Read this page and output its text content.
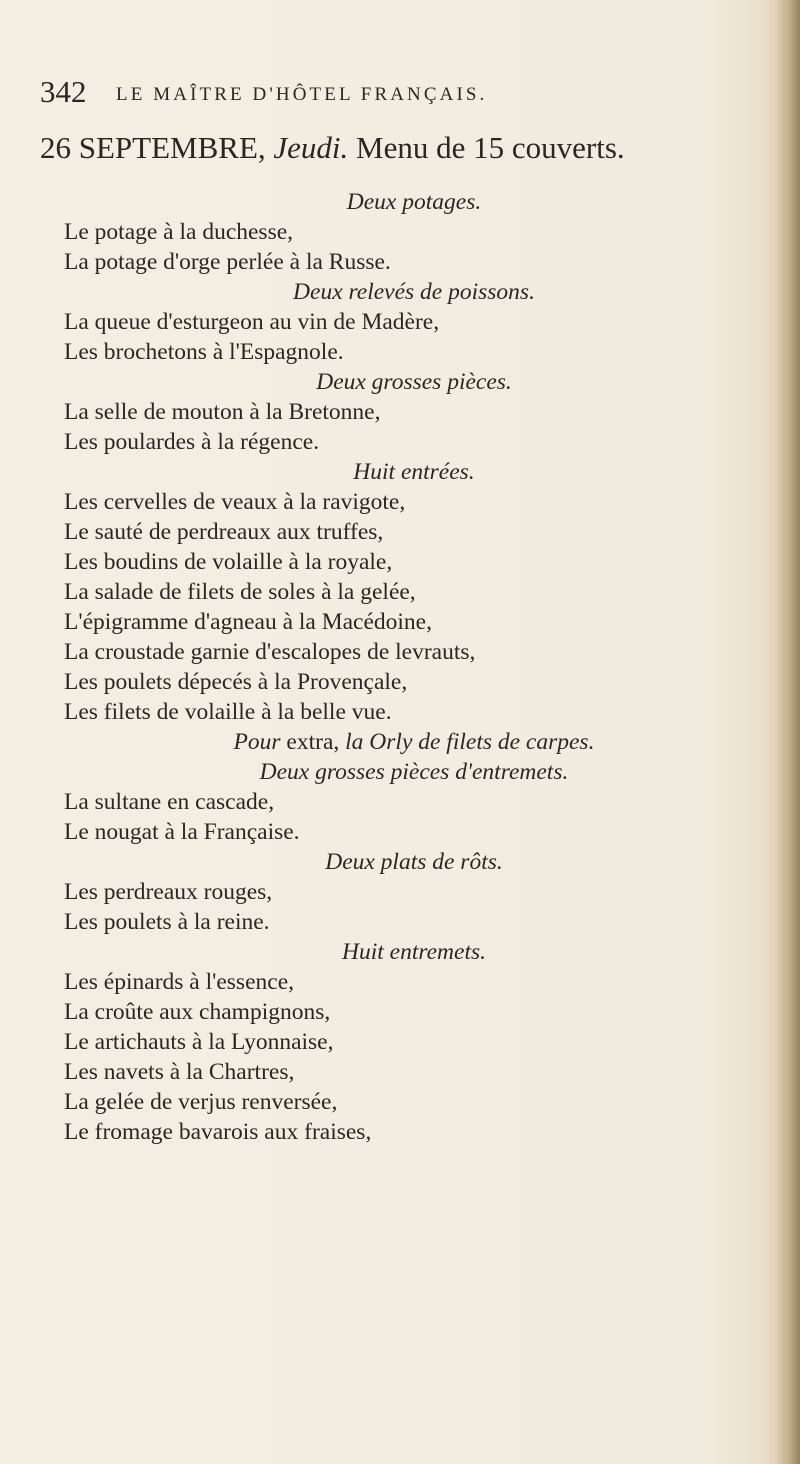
342 LE MAÎTRE D'HÔTEL FRANÇAIS.
26 SEPTEMBRE, Jeudi. Menu de 15 couverts.
Deux potages.
Le potage à la duchesse,
La potage d'orge perlée à la Russe.
Deux relevés de poissons.
La queue d'esturgeon au vin de Madère,
Les brochetons à l'Espagnole.
Deux grosses pièces.
La selle de mouton à la Bretonne,
Les poulardes à la régence.
Huit entrées.
Les cervelles de veaux à la ravigote,
Le sauté de perdreaux aux truffes,
Les boudins de volaille à la royale,
La salade de filets de soles à la gelée,
L'épigramme d'agneau à la Macédoine,
La croustade garnie d'escalopes de levrauts,
Les poulets dépecés à la Provençale,
Les filets de volaille à la belle vue.
Pour extra, la Orly de filets de carpes.
Deux grosses pièces d'entremets.
La sultane en cascade,
Le nougat à la Française.
Deux plats de rôts.
Les perdreaux rouges,
Les poulets à la reine.
Huit entremets.
Les épinards à l'essence,
La croûte aux champignons,
Le artichauts à la Lyonnaise,
Les navets à la Chartres,
La gelée de verjus renversée,
Le fromage bavarois aux fraises,
